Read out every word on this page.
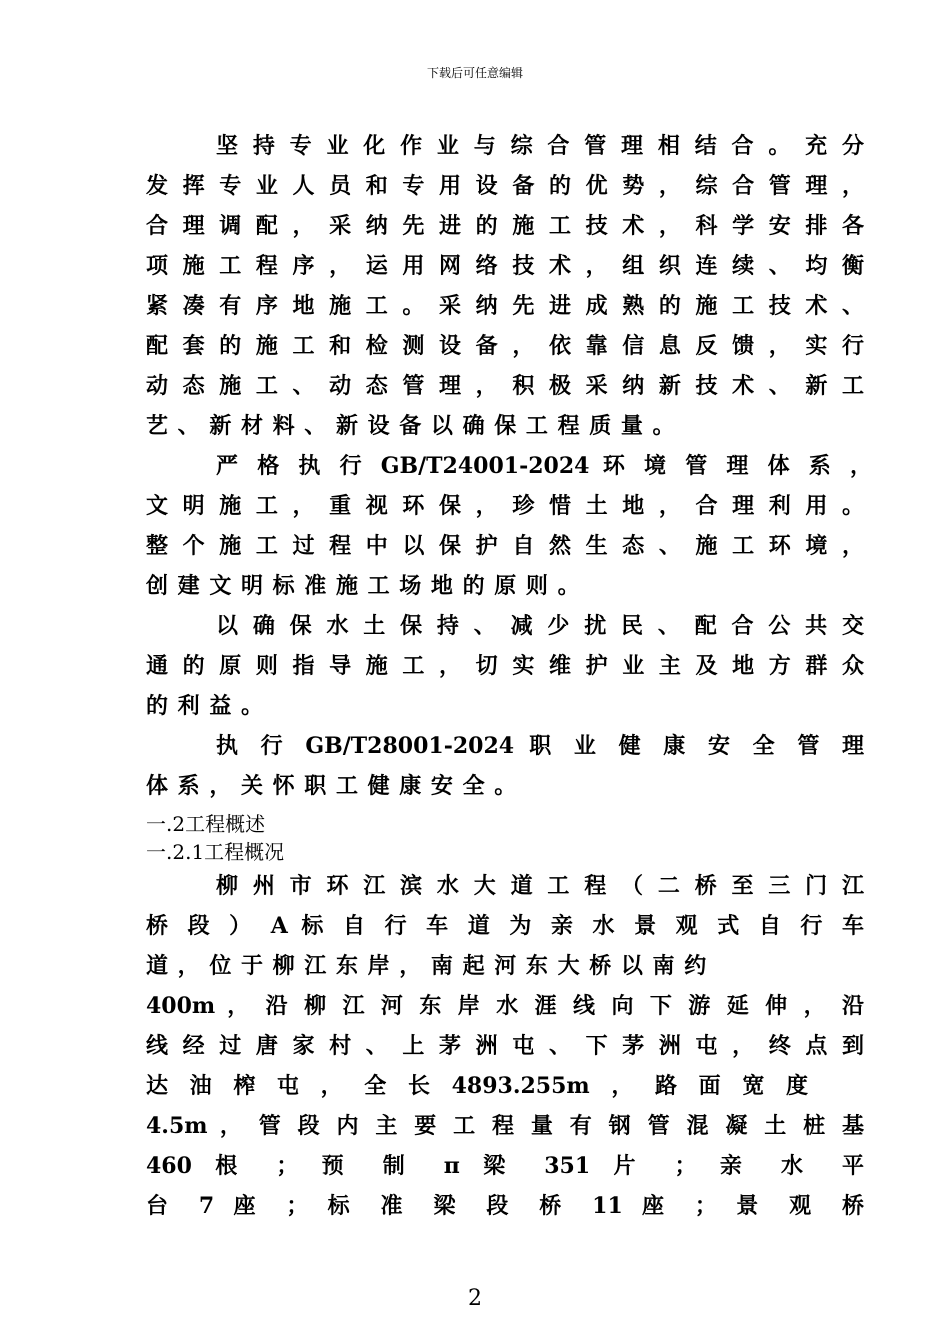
下载后可任意编辑
坚 持 专 业 化 作 业 与 综 合 管 理 相 结 合 。 充 分
发 挥 专 业 人 员 和 专 用 设 备 的 优 势 ， 综 合 管 理 ，
合 理 调 配 ， 采 纳 先 进 的 施 工 技 术 ， 科 学 安 排 各
项 施 工 程 序 ， 运 用 网 络 技 术 ， 组 织 连 续 、 均 衡
紧 凑 有 序 地 施 工 。 采 纳 先 进 成 熟 的 施 工 技 术 、
配 套 的 施 工 和 检 测 设 备 ， 依 靠 信 息 反 馈 ， 实 行
动 态 施 工 、 动 态 管 理 ， 积 极 采 纳 新 技 术 、 新 工
艺 、 新 材 料 、 新 设 备 以 确 保 工 程 质 量 。
严 格 执 行 GB/T24001-2024 环 境 管 理 体 系 ，
文 明 施 工 ， 重 视 环 保 ， 珍 惜 土 地 ， 合 理 利 用 。
整 个 施 工 过 程 中 以 保 护 自 然 生 态 、 施 工 环 境 ，
创 建 文 明 标 准 施 工 场 地 的 原 则 。
以 确 保 水 土 保 持 、 减 少 扰 民 、 配 合 公 共 交
通 的 原 则 指 导 施 工 ， 切 实 维 护 业 主 及 地 方 群 众
的 利 益 。
执 行 GB/T28001-2024 职 业 健 康 安 全 管 理
体 系 ， 关 怀 职 工 健 康 安 全 。
一.2工程概述
一.2.1工程概况
柳 州 市 环 江 滨 水 大 道 工 程 （ 二 桥 至 三 门 江
桥 段 ） A 标 自 行 车 道 为 亲 水 景 观 式 自 行 车
道 ， 位 于 柳 江 东 岸 ， 南 起 河 东 大 桥 以 南 约
400m ， 沿 柳 江 河 东 岸 水 涯 线 向 下 游 延 伸 ， 沿
线 经 过 唐 家 村 、 上 茅 洲 屯 、 下 茅 洲 屯 ， 终 点 到
达 油 榨 屯 ， 全 长 4893.255m ， 路 面 宽 度
4.5m ， 管 段 内 主 要 工 程 量 有 钢 管 混 凝 土 桩 基
460 根 ； 预 制 π 梁 351 片 ； 亲 水 平
台 7 座 ； 标 准 梁 段 桥 11 座 ； 景 观 桥
2
